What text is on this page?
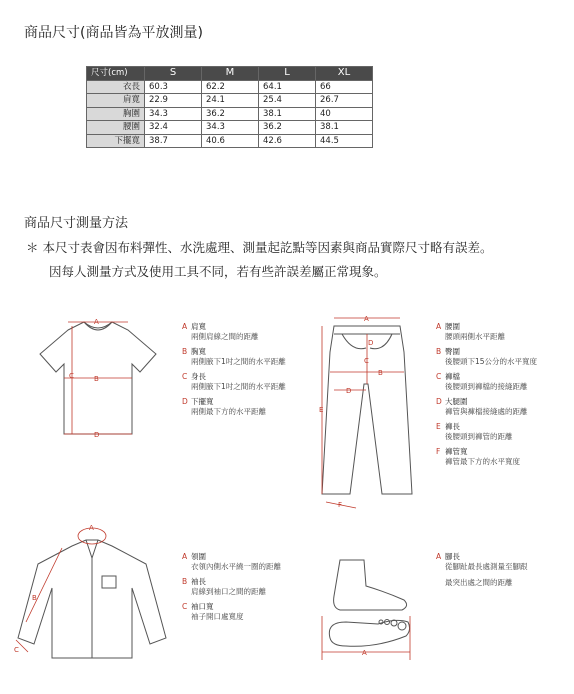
商品尺寸(商品皆為平放測量)
尺寸(cm)	S	M	L	XL
衣長	60.3	62.2	64.1	66
肩寬	22.9	24.1	25.4	26.7
胸圍	34.3	36.2	38.1	40
腰圍	32.4	34.3	36.2	38.1
下擺寬	38.7	40.6	42.6	44.5
商品尺寸測量方法
＊ 本尺寸表會因布料彈性、水洗處理、測量起訖點等因素與商品實際尺寸略有誤差。
因每人測量方式及使用工具不同，若有些許誤差屬正常現象。
A
B
C
D
A 肩寬
兩側肩線之間的距離
B 胸寬
兩側腋下1吋之間的水平距離
C 身長
兩側腋下1吋之間的水平距離
D 下擺寬
兩側最下方的水平距離
A
D
C
B
D
E
F
A 腰圍
腰頭兩側水平距離
B 臀圍
後腰頭下15公分的水平寬度
C 褲檔
後腰頭到褲檔的接縫距離
D 大腿圍
褲管與褲檔接縫處的距離
E 褲長
後腰頭到褲管的距離
F 褲管寬
褲管最下方的水平寬度
A
B
C
A 領圍
衣領內側水平繞一圈的距離
B 袖長
肩線到袖口之間的距離
C 袖口寬
袖子開口處寬度
A
A 腳長
從腳趾最長處測量至腳跟
最突出處之間的距離
